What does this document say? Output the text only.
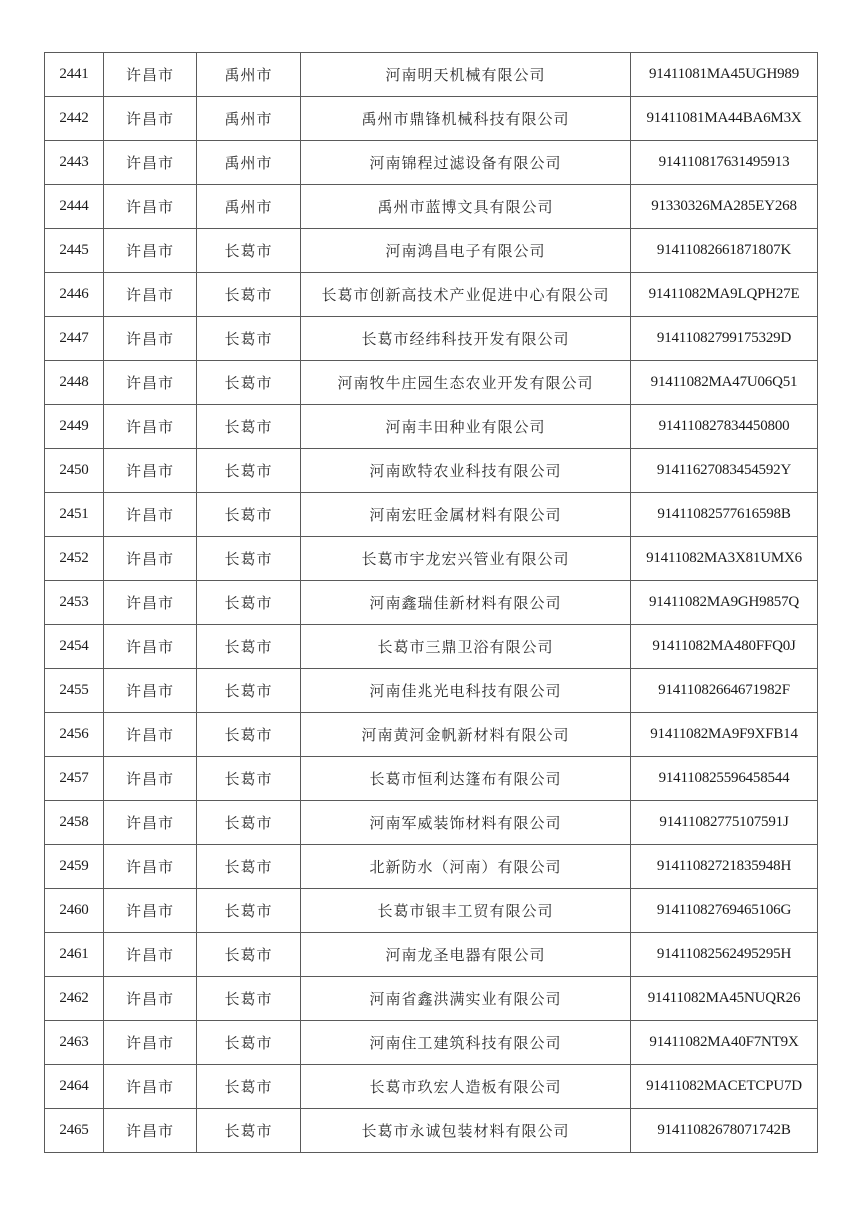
2441	许昌市	禹州市	河南明天机械有限公司	91411081MA45UGH989
2442	许昌市	禹州市	禹州市鼎锋机械科技有限公司	91411081MA44BA6M3X
2443	许昌市	禹州市	河南锦程过滤设备有限公司	914110817631495913
2444	许昌市	禹州市	禹州市蓝博文具有限公司	91330326MA285EY268
2445	许昌市	长葛市	河南鸿昌电子有限公司	91411082661871807K
2446	许昌市	长葛市	长葛市创新高技术产业促进中心有限公司	91411082MA9LQPH27E
2447	许昌市	长葛市	长葛市经纬科技开发有限公司	91411082799175329D
2448	许昌市	长葛市	河南牧牛庄园生态农业开发有限公司	91411082MA47U06Q51
2449	许昌市	长葛市	河南丰田种业有限公司	914110827834450800
2450	许昌市	长葛市	河南欧特农业科技有限公司	91411627083454592Y
2451	许昌市	长葛市	河南宏旺金属材料有限公司	91411082577616598B
2452	许昌市	长葛市	长葛市宇龙宏兴管业有限公司	91411082MA3X81UMX6
2453	许昌市	长葛市	河南鑫瑞佳新材料有限公司	91411082MA9GH9857Q
2454	许昌市	长葛市	长葛市三鼎卫浴有限公司	91411082MA480FFQ0J
2455	许昌市	长葛市	河南佳兆光电科技有限公司	91411082664671982F
2456	许昌市	长葛市	河南黄河金帆新材料有限公司	91411082MA9F9XFB14
2457	许昌市	长葛市	长葛市恒利达篷布有限公司	914110825596458544
2458	许昌市	长葛市	河南军威装饰材料有限公司	91411082775107591J
2459	许昌市	长葛市	北新防水（河南）有限公司	91411082721835948H
2460	许昌市	长葛市	长葛市银丰工贸有限公司	91411082769465106G
2461	许昌市	长葛市	河南龙圣电器有限公司	91411082562495295H
2462	许昌市	长葛市	河南省鑫洪满实业有限公司	91411082MA45NUQR26
2463	许昌市	长葛市	河南住工建筑科技有限公司	91411082MA40F7NT9X
2464	许昌市	长葛市	长葛市玖宏人造板有限公司	91411082MACETCPU7D
2465	许昌市	长葛市	长葛市永诚包装材料有限公司	91411082678071742B
